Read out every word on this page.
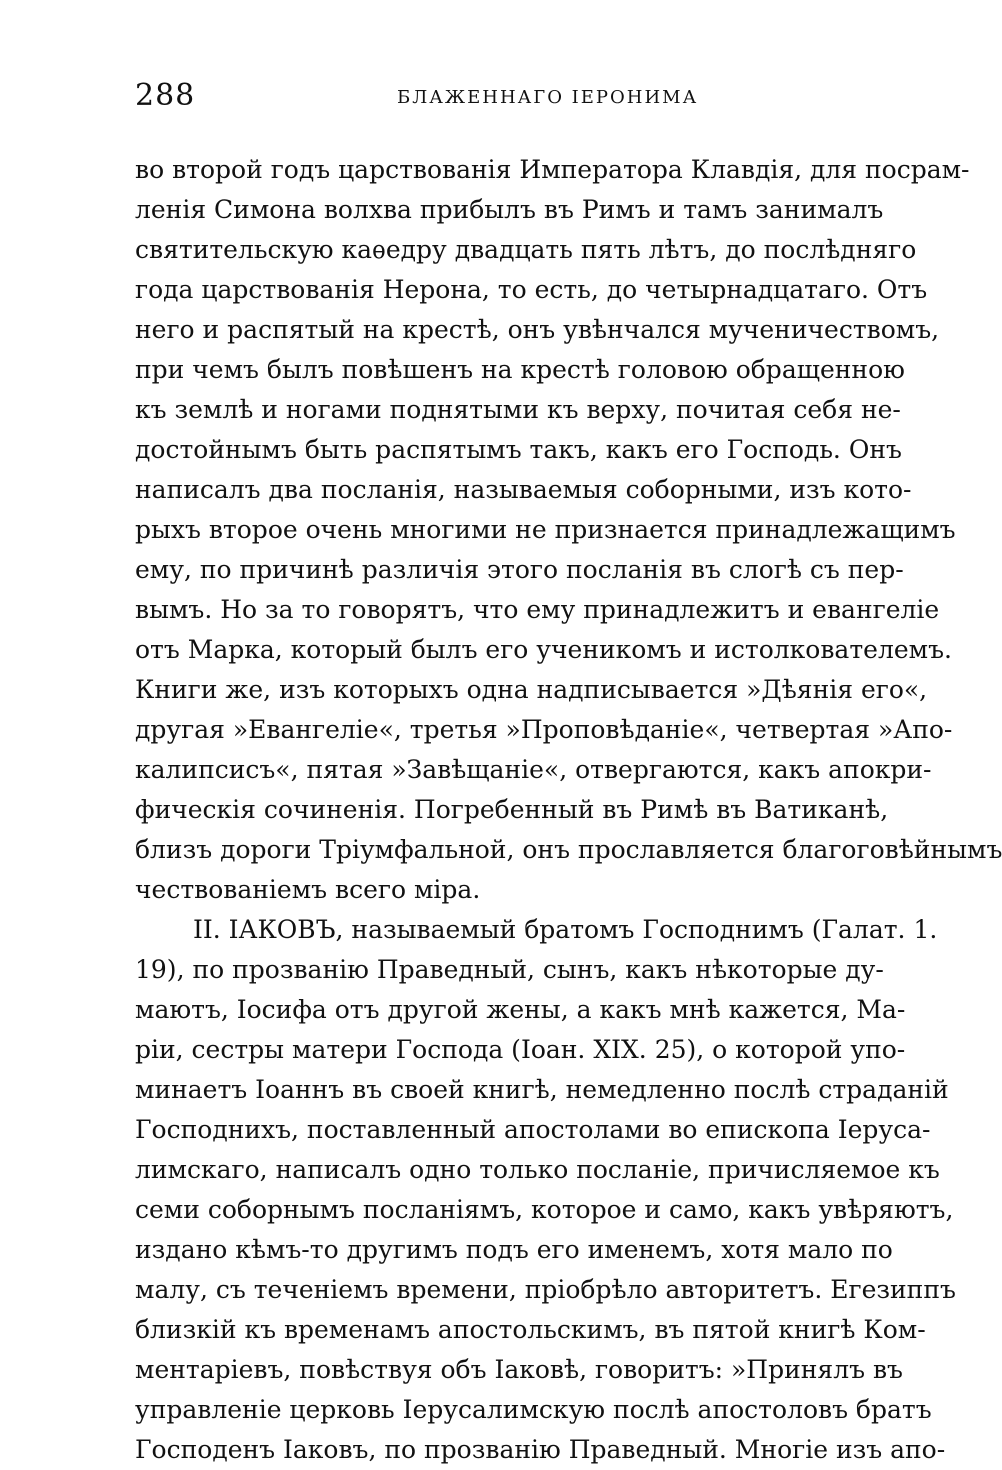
288	БЛАЖЕННАГО ІЕРОНИМА
во второй годъ царствованія Императора Клавдія, для посрам-
ленія Симона волхва прибылъ въ Римъ и тамъ занималъ
святительскую каѳедру двадцать пять лѣтъ, до послѣдняго
года царствованія Нерона, то есть, до четырнадцатаго. Отъ
него и распятый на крестѣ, онъ увѣнчался мученичествомъ,
при чемъ былъ повѣшенъ на крестѣ головою обращенною
къ землѣ и ногами поднятыми къ верху, почитая себя не-
достойнымъ быть распятымъ такъ, какъ его Господь. Онъ
написалъ два посланія, называемыя соборными, изъ кото-
рыхъ второе очень многими не признается принадлежащимъ
ему, по причинѣ различія этого посланія въ слогѣ съ пер-
вымъ. Но за то говорятъ, что ему принадлежитъ и евангеліе
отъ Марка, который былъ его ученикомъ и истолкователемъ.
Книги же, изъ которыхъ одна надписывается »Дѣянія его«,
другая »Евангеліе«, третья »Проповѣданіе«, четвертая »Апо-
калипсисъ«, пятая »Завѣщаніе«, отвергаются, какъ апокри-
фическія сочиненія. Погребенный въ Римѣ въ Ватиканѣ,
близъ дороги Тріумфальной, онъ прославляется благоговѣйнымъ
чествованіемъ всего міра.
II. ІАКОВЪ, называемый братомъ Господнимъ (Галат. 1.
19), по прозванію Праведный, сынъ, какъ нѣкоторые ду-
маютъ, Іосифа отъ другой жены, а какъ мнѣ кажется, Ма-
ріи, сестры матери Господа (Іоан. XIX. 25), о которой упо-
минаетъ Іоаннъ въ своей книгѣ, немедленно послѣ страданій
Господнихъ, поставленный апостолами во епископа Іеруса-
лимскаго, написалъ одно только посланіе, причисляемое къ
семи соборнымъ посланіямъ, которое и само, какъ увѣряютъ,
издано кѣмъ-то другимъ подъ его именемъ, хотя мало по
малу, съ теченіемъ времени, пріобрѣло авторитетъ. Егезиппъ
близкій къ временамъ апостольскимъ, въ пятой книгѣ Ком-
ментаріевъ, повѣствуя объ Іаковѣ, говоритъ: »Принялъ въ
управленіе церковь Іерусалимскую послѣ апостоловъ братъ
Господенъ Іаковъ, по прозванію Праведный. Многіе изъ апо-
